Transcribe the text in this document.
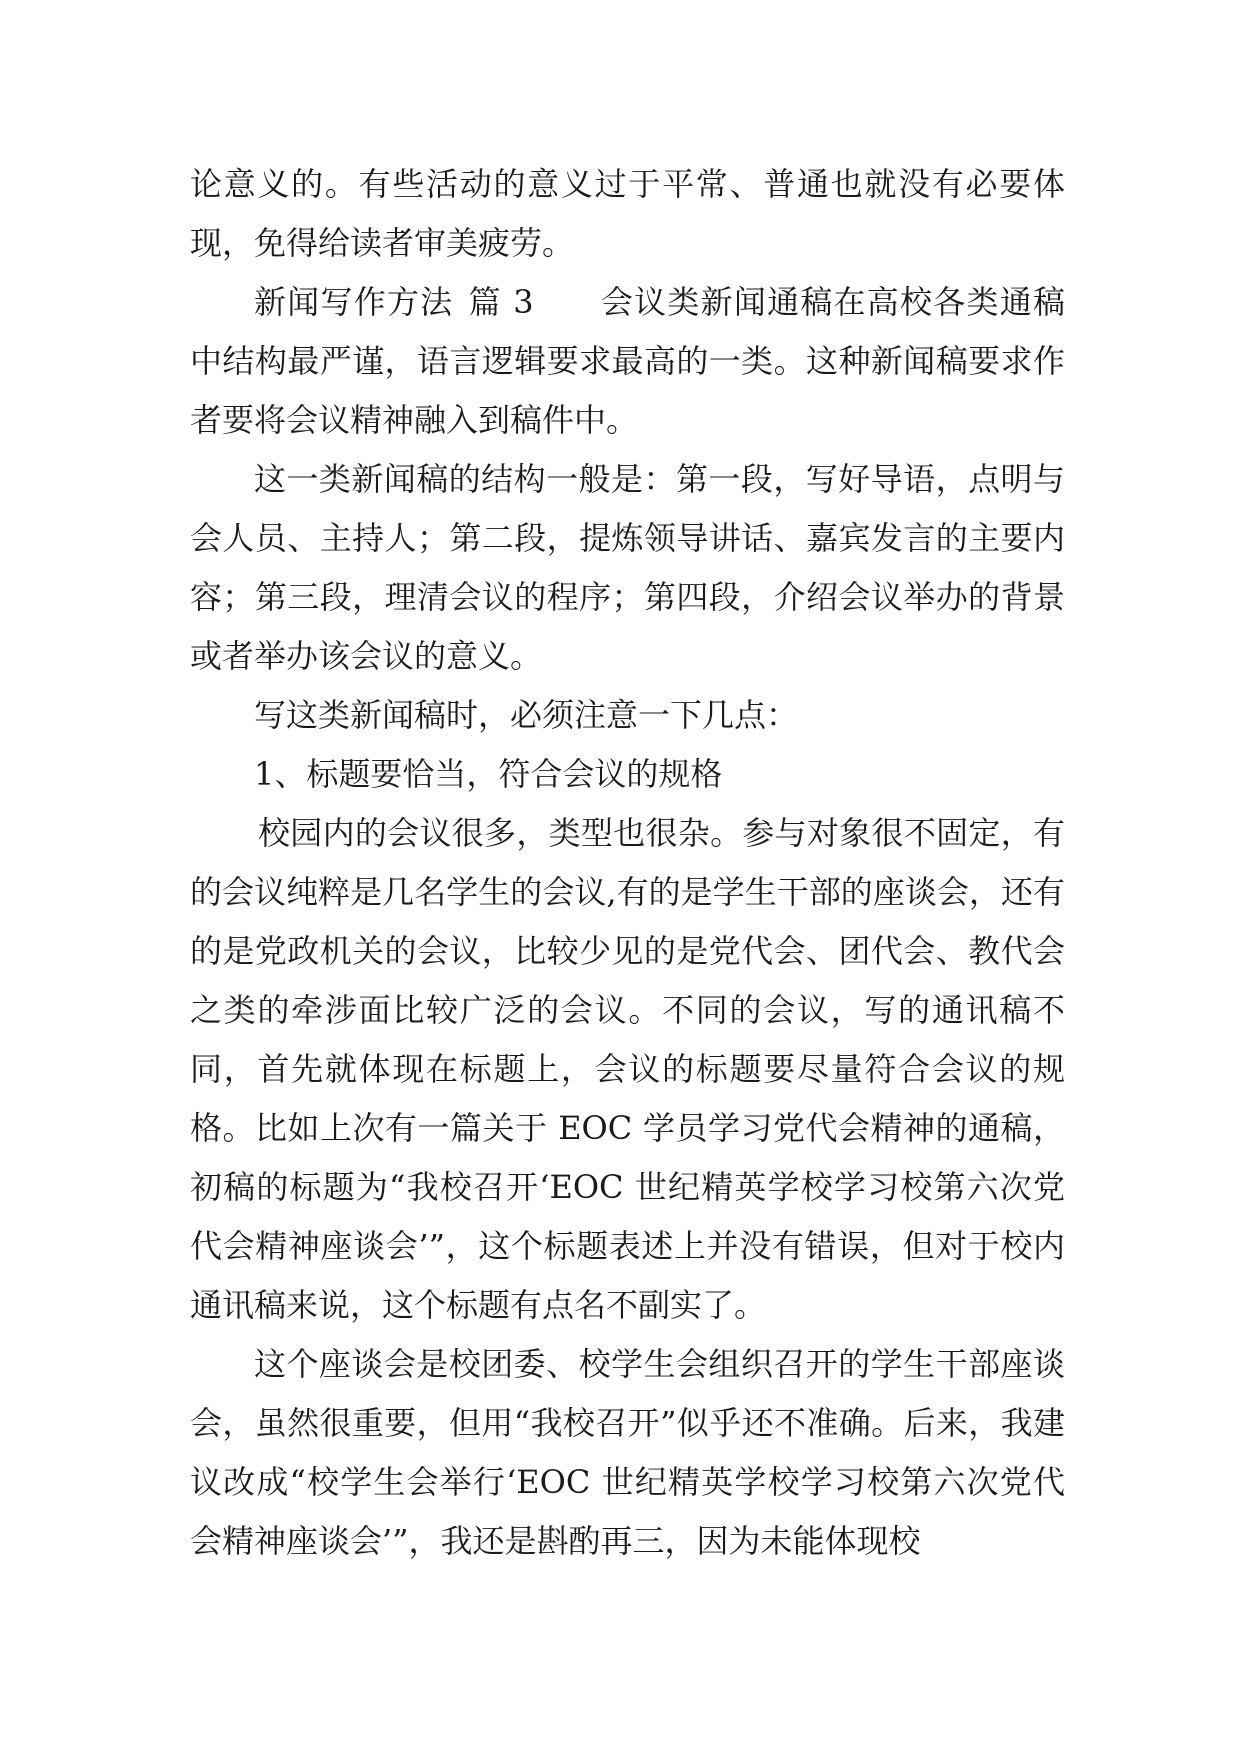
论意义的。有些活动的意义过于平常、普通也就没有必要体现，免得给读者审美疲劳。

新闻写作方法 篇 3 会议类新闻通稿在高校各类通稿中结构最严谨，语言逻辑要求最高的一类。这种新闻稿要求作者要将会议精神融入到稿件中。

这一类新闻稿的结构一般是：第一段，写好导语，点明与会人员、主持人；第二段，提炼领导讲话、嘉宾发言的主要内容；第三段，理清会议的程序；第四段，介绍会议举办的背景或者举办该会议的意义。

写这类新闻稿时，必须注意一下几点：

1、标题要恰当，符合会议的规格

校园内的会议很多，类型也很杂。参与对象很不固定，有的会议纯粹是几名学生的会议,有的是学生干部的座谈会，还有的是党政机关的会议，比较少见的是党代会、团代会、教代会之类的牵涉面比较广泛的会议。不同的会议，写的通讯稿不同，首先就体现在标题上，会议的标题要尽量符合会议的规格。比如上次有一篇关于 EOC 学员学习党代会精神的通稿，初稿的标题为“我校召开‘EOC 世纪精英学校学习校第六次党代会精神座谈会’”，这个标题表述上并没有错误，但对于校内通讯稿来说，这个标题有点名不副实了。

这个座谈会是校团委、校学生会组织召开的学生干部座谈会，虽然很重要，但用“我校召开”似乎还不准确。后来，我建议改成“校学生会举行‘EOC 世纪精英学校学习校第六次党代会精神座谈会’”，我还是斟酌再三，因为未能体现校
